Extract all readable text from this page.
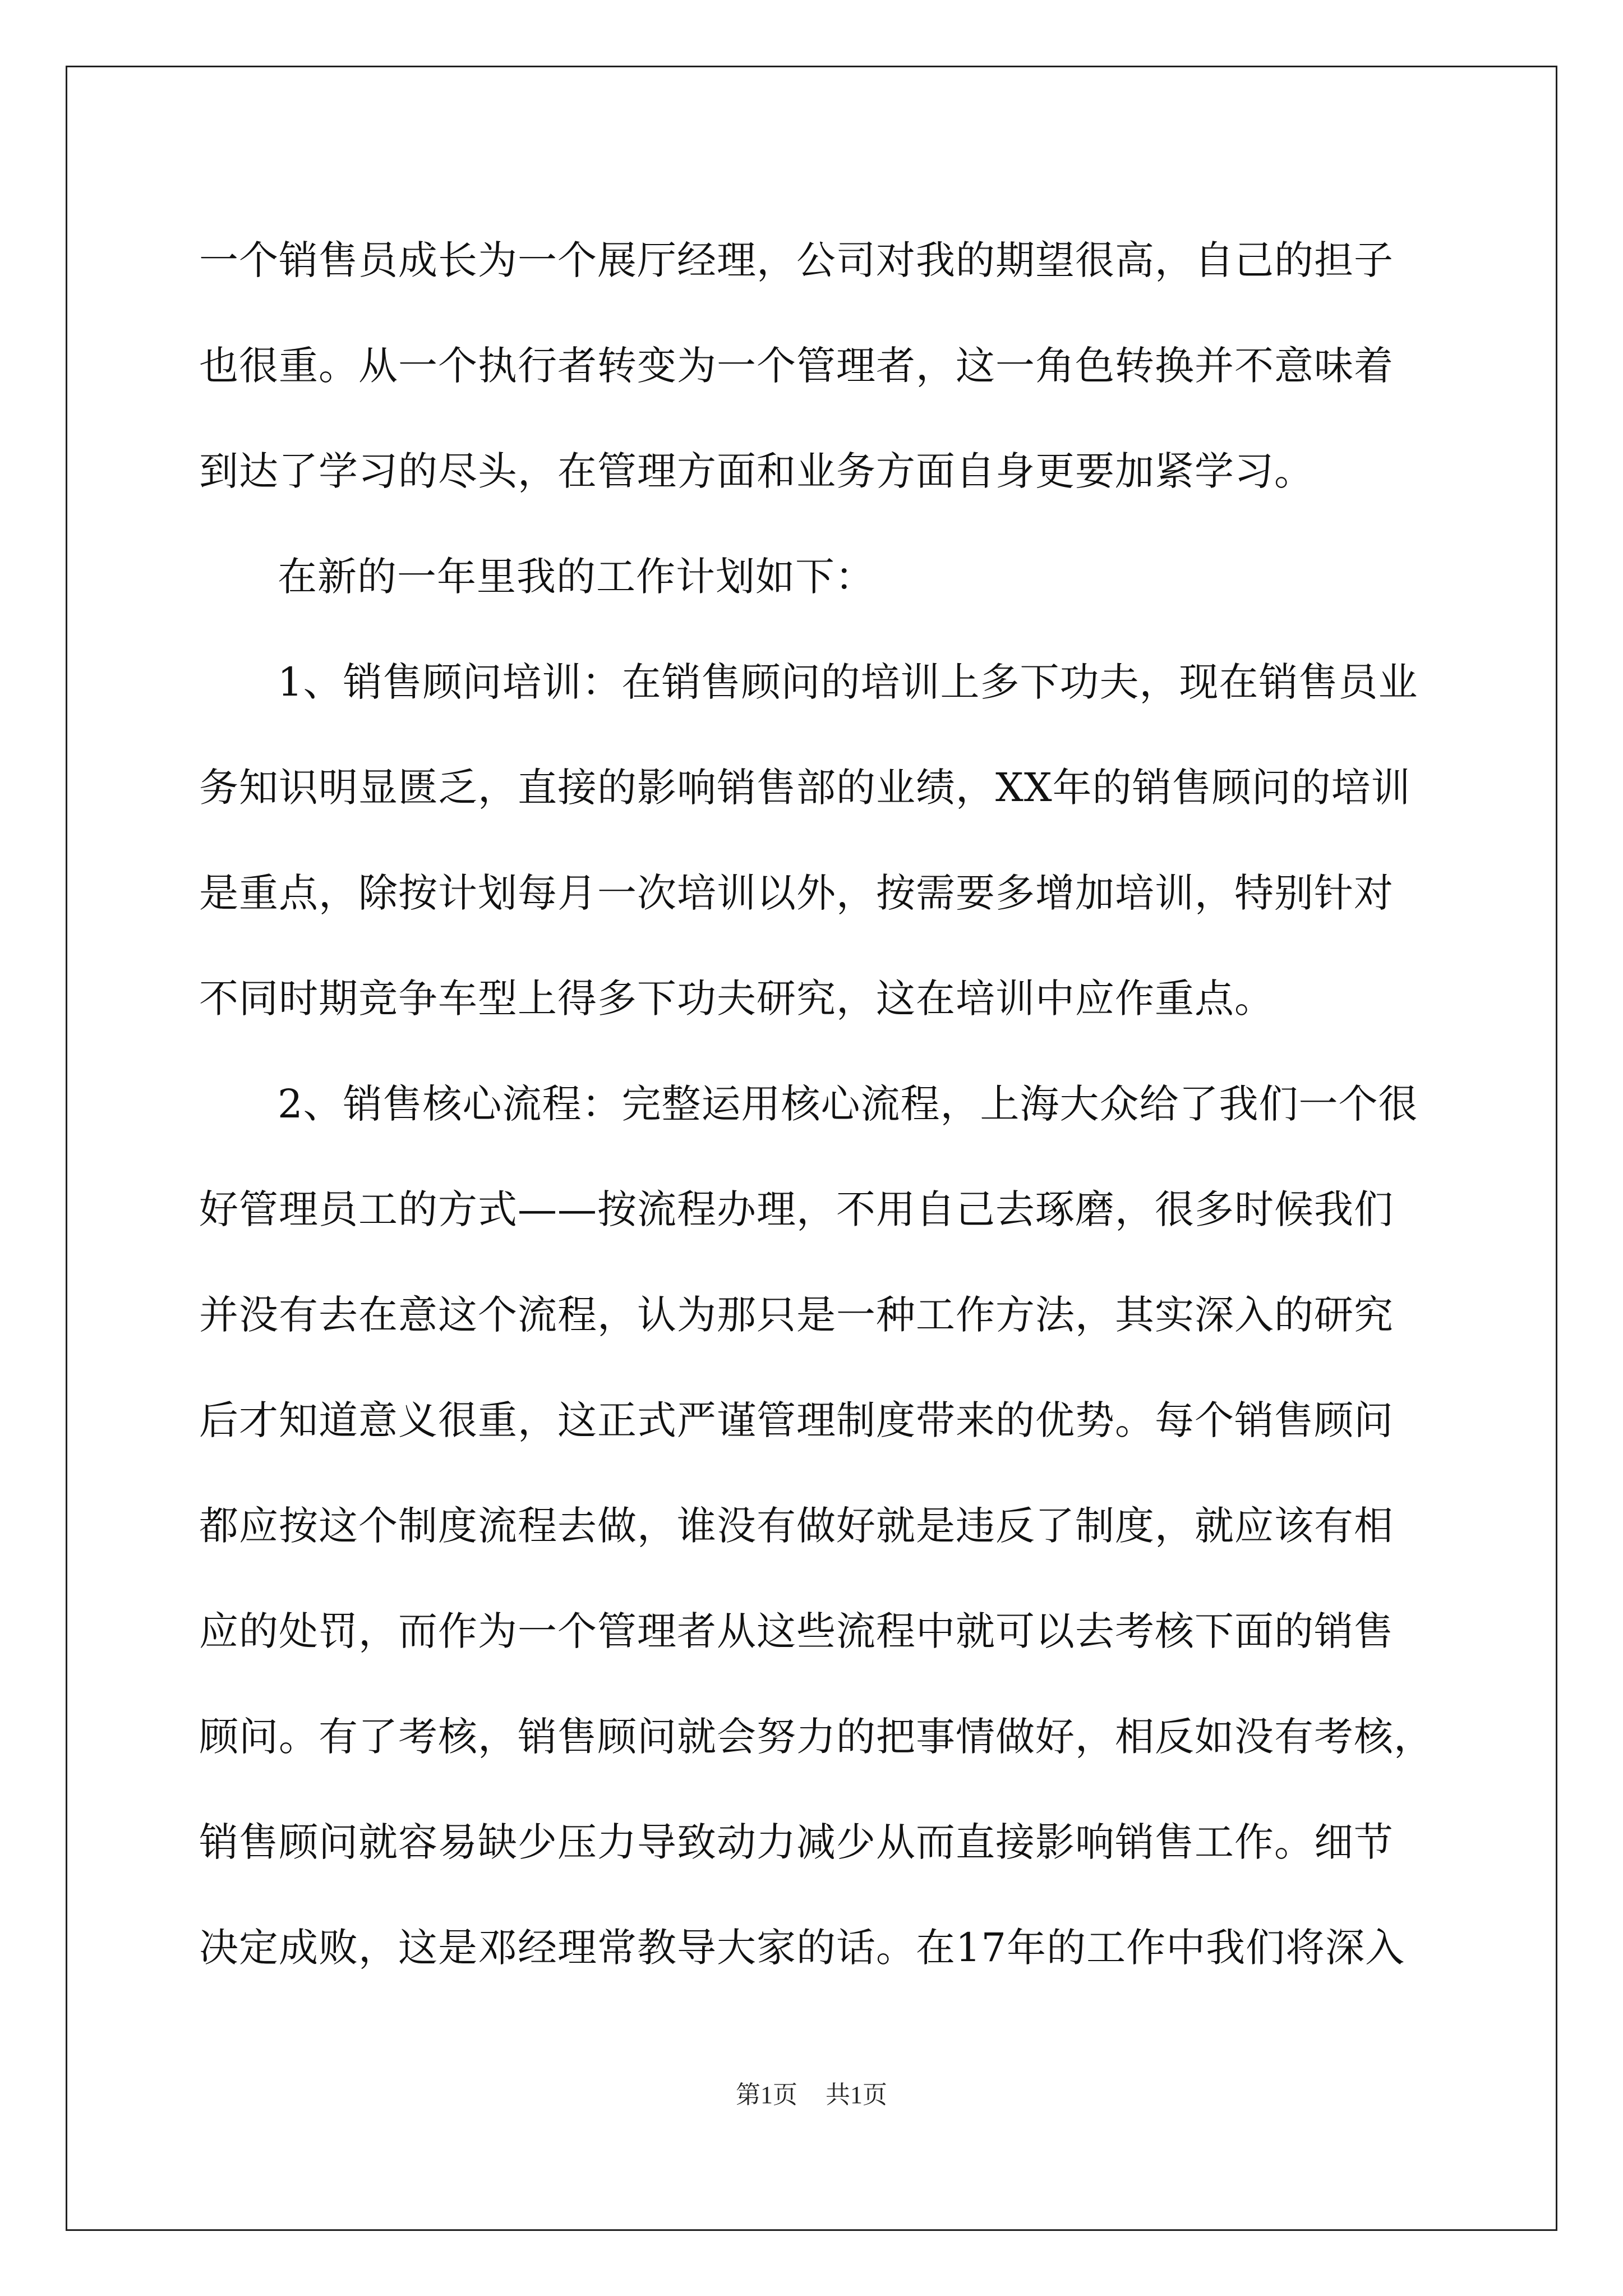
一个销售员成长为一个展厅经理，公司对我的期望很高，自己的担子
也很重。从一个执行者转变为一个管理者，这一角色转换并不意味着
到达了学习的尽头，在管理方面和业务方面自身更要加紧学习。
在新的一年里我的工作计划如下：
1、销售顾问培训：在销售顾问的培训上多下功夫，现在销售员业
务知识明显匮乏，直接的影响销售部的业绩，XX年的销售顾问的培训
是重点，除按计划每月一次培训以外，按需要多增加培训，特别针对
不同时期竞争车型上得多下功夫研究，这在培训中应作重点。
2、销售核心流程：完整运用核心流程，上海大众给了我们一个很
好管理员工的方式——按流程办理，不用自己去琢磨，很多时候我们
并没有去在意这个流程，认为那只是一种工作方法，其实深入的研究
后才知道意义很重，这正式严谨管理制度带来的优势。每个销售顾问
都应按这个制度流程去做，谁没有做好就是违反了制度，就应该有相
应的处罚，而作为一个管理者从这些流程中就可以去考核下面的销售
顾问。有了考核，销售顾问就会努力的把事情做好，相反如没有考核，
销售顾问就容易缺少压力导致动力减少从而直接影响销售工作。细节
决定成败，这是邓经理常教导大家的话。在17年的工作中我们将深入
第1页 共1页
